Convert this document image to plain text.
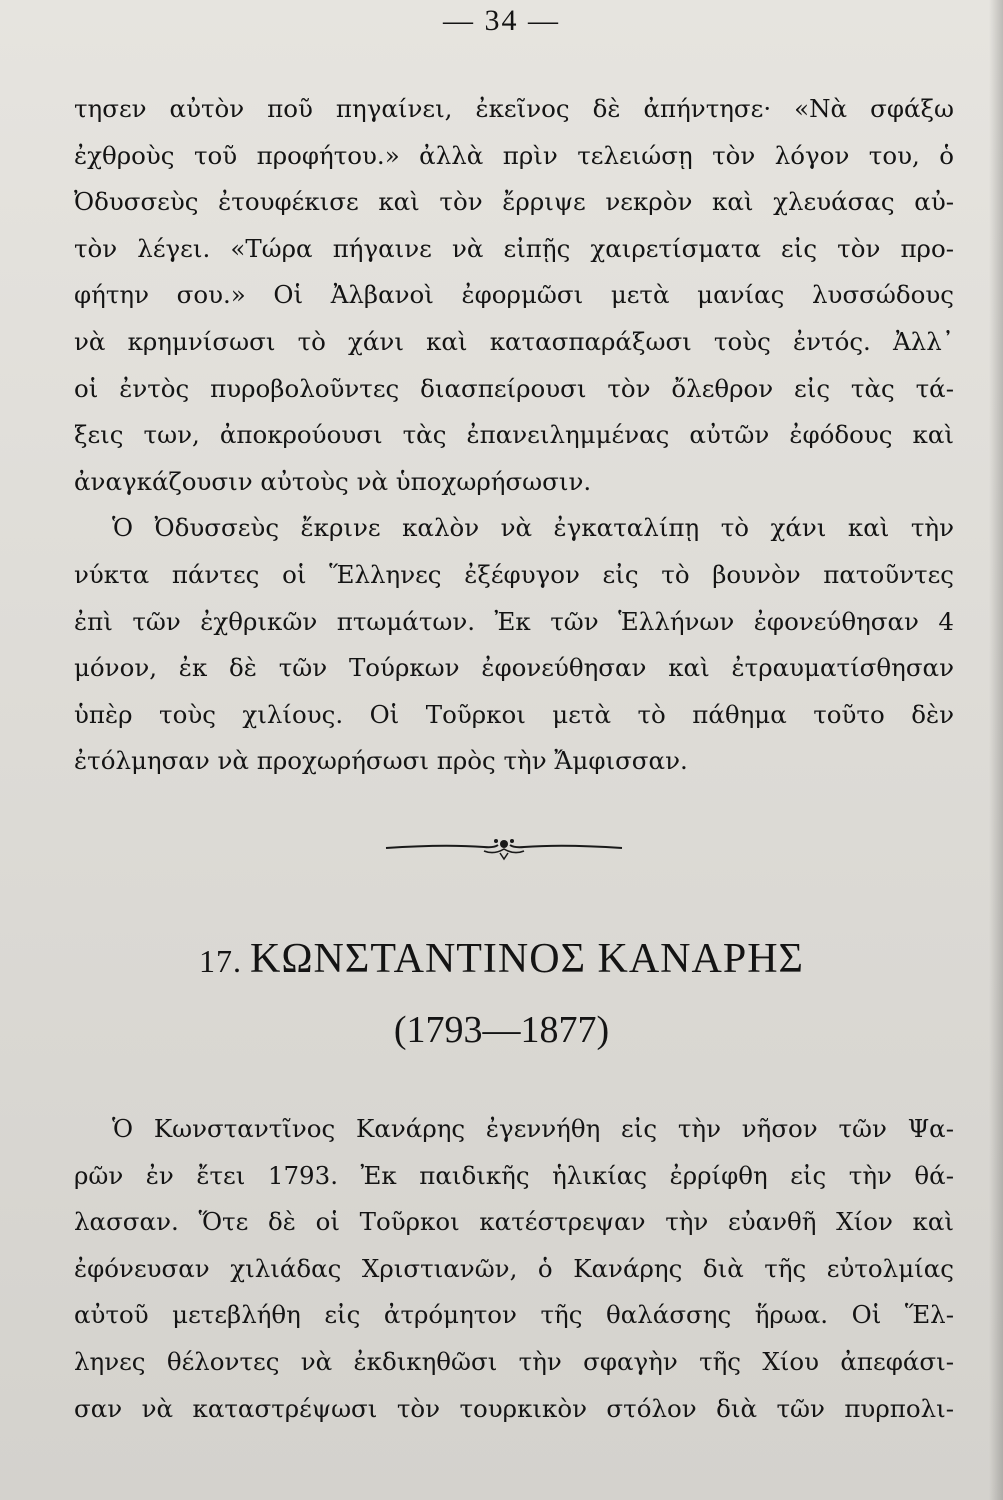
— 34 —
τησεν αὐτὸν ποῦ πηγαίνει, ἐκεῖνος δὲ ἀπήντησε· «Νὰ σφάξω
ἐχθροὺς τοῦ προφήτου.» ἀλλὰ πρὶν τελειώσῃ τὸν λόγον του, ὁ
Ὀδυσσεὺς ἐτουφέκισε καὶ τὸν ἔρριψε νεκρὸν καὶ χλευάσας αὐ-
τὸν λέγει. «Τώρα πήγαινε νὰ εἰπῇς χαιρετίσματα εἰς τὸν προ-
φήτην σου.» Οἱ Ἀλβανοὶ ἐφορμῶσι μετὰ μανίας λυσσώδους
νὰ κρημνίσωσι τὸ χάνι καὶ κατασπαράξωσι τοὺς ἐντός. Ἀλλ᾽
οἱ ἐντὸς πυροβολοῦντες διασπείρουσι τὸν ὄλεθρον εἰς τὰς τά-
ξεις των, ἀποκρούουσι τὰς ἐπανειλημμένας αὐτῶν ἐφόδους καὶ
ἀναγκάζουσιν αὐτοὺς νὰ ὑποχωρήσωσιν.
Ὁ Ὀδυσσεὺς ἔκρινε καλὸν νὰ ἐγκαταλίπῃ τὸ χάνι καὶ τὴν
νύκτα πάντες οἱ Ἕλληνες ἐξέφυγον εἰς τὸ βουνὸν πατοῦντες
ἐπὶ τῶν ἐχθρικῶν πτωμάτων. Ἐκ τῶν Ἑλλήνων ἐφονεύθησαν 4
μόνον, ἐκ δὲ τῶν Τούρκων ἐφονεύθησαν καὶ ἐτραυματίσθησαν
ὑπὲρ τοὺς χιλίους. Οἱ Τοῦρκοι μετὰ τὸ πάθημα τοῦτο δὲν
ἐτόλμησαν νὰ προχωρήσωσι πρὸς τὴν Ἄμφισσαν.
17. ΚΩΝΣΤΑΝΤΙΝΟΣ ΚΑΝΑΡΗΣ
(1793—1877)
Ὁ Κωνσταντῖνος Κανάρης ἐγεννήθη εἰς τὴν νῆσον τῶν Ψα-
ρῶν ἐν ἔτει 1793. Ἐκ παιδικῆς ἡλικίας ἐρρίφθη εἰς τὴν θά-
λασσαν. Ὅτε δὲ οἱ Τοῦρκοι κατέστρεψαν τὴν εὐανθῆ Χίον καὶ
ἐφόνευσαν χιλιάδας Χριστιανῶν, ὁ Κανάρης διὰ τῆς εὐτολμίας
αὐτοῦ μετεβλήθη εἰς ἀτρόμητον τῆς θαλάσσης ἥρωα. Οἱ Ἕλ-
ληνες θέλοντες νὰ ἐκδικηθῶσι τὴν σφαγὴν τῆς Χίου ἀπεφάσι-
σαν νὰ καταστρέψωσι τὸν τουρκικὸν στόλον διὰ τῶν πυρπολι-
